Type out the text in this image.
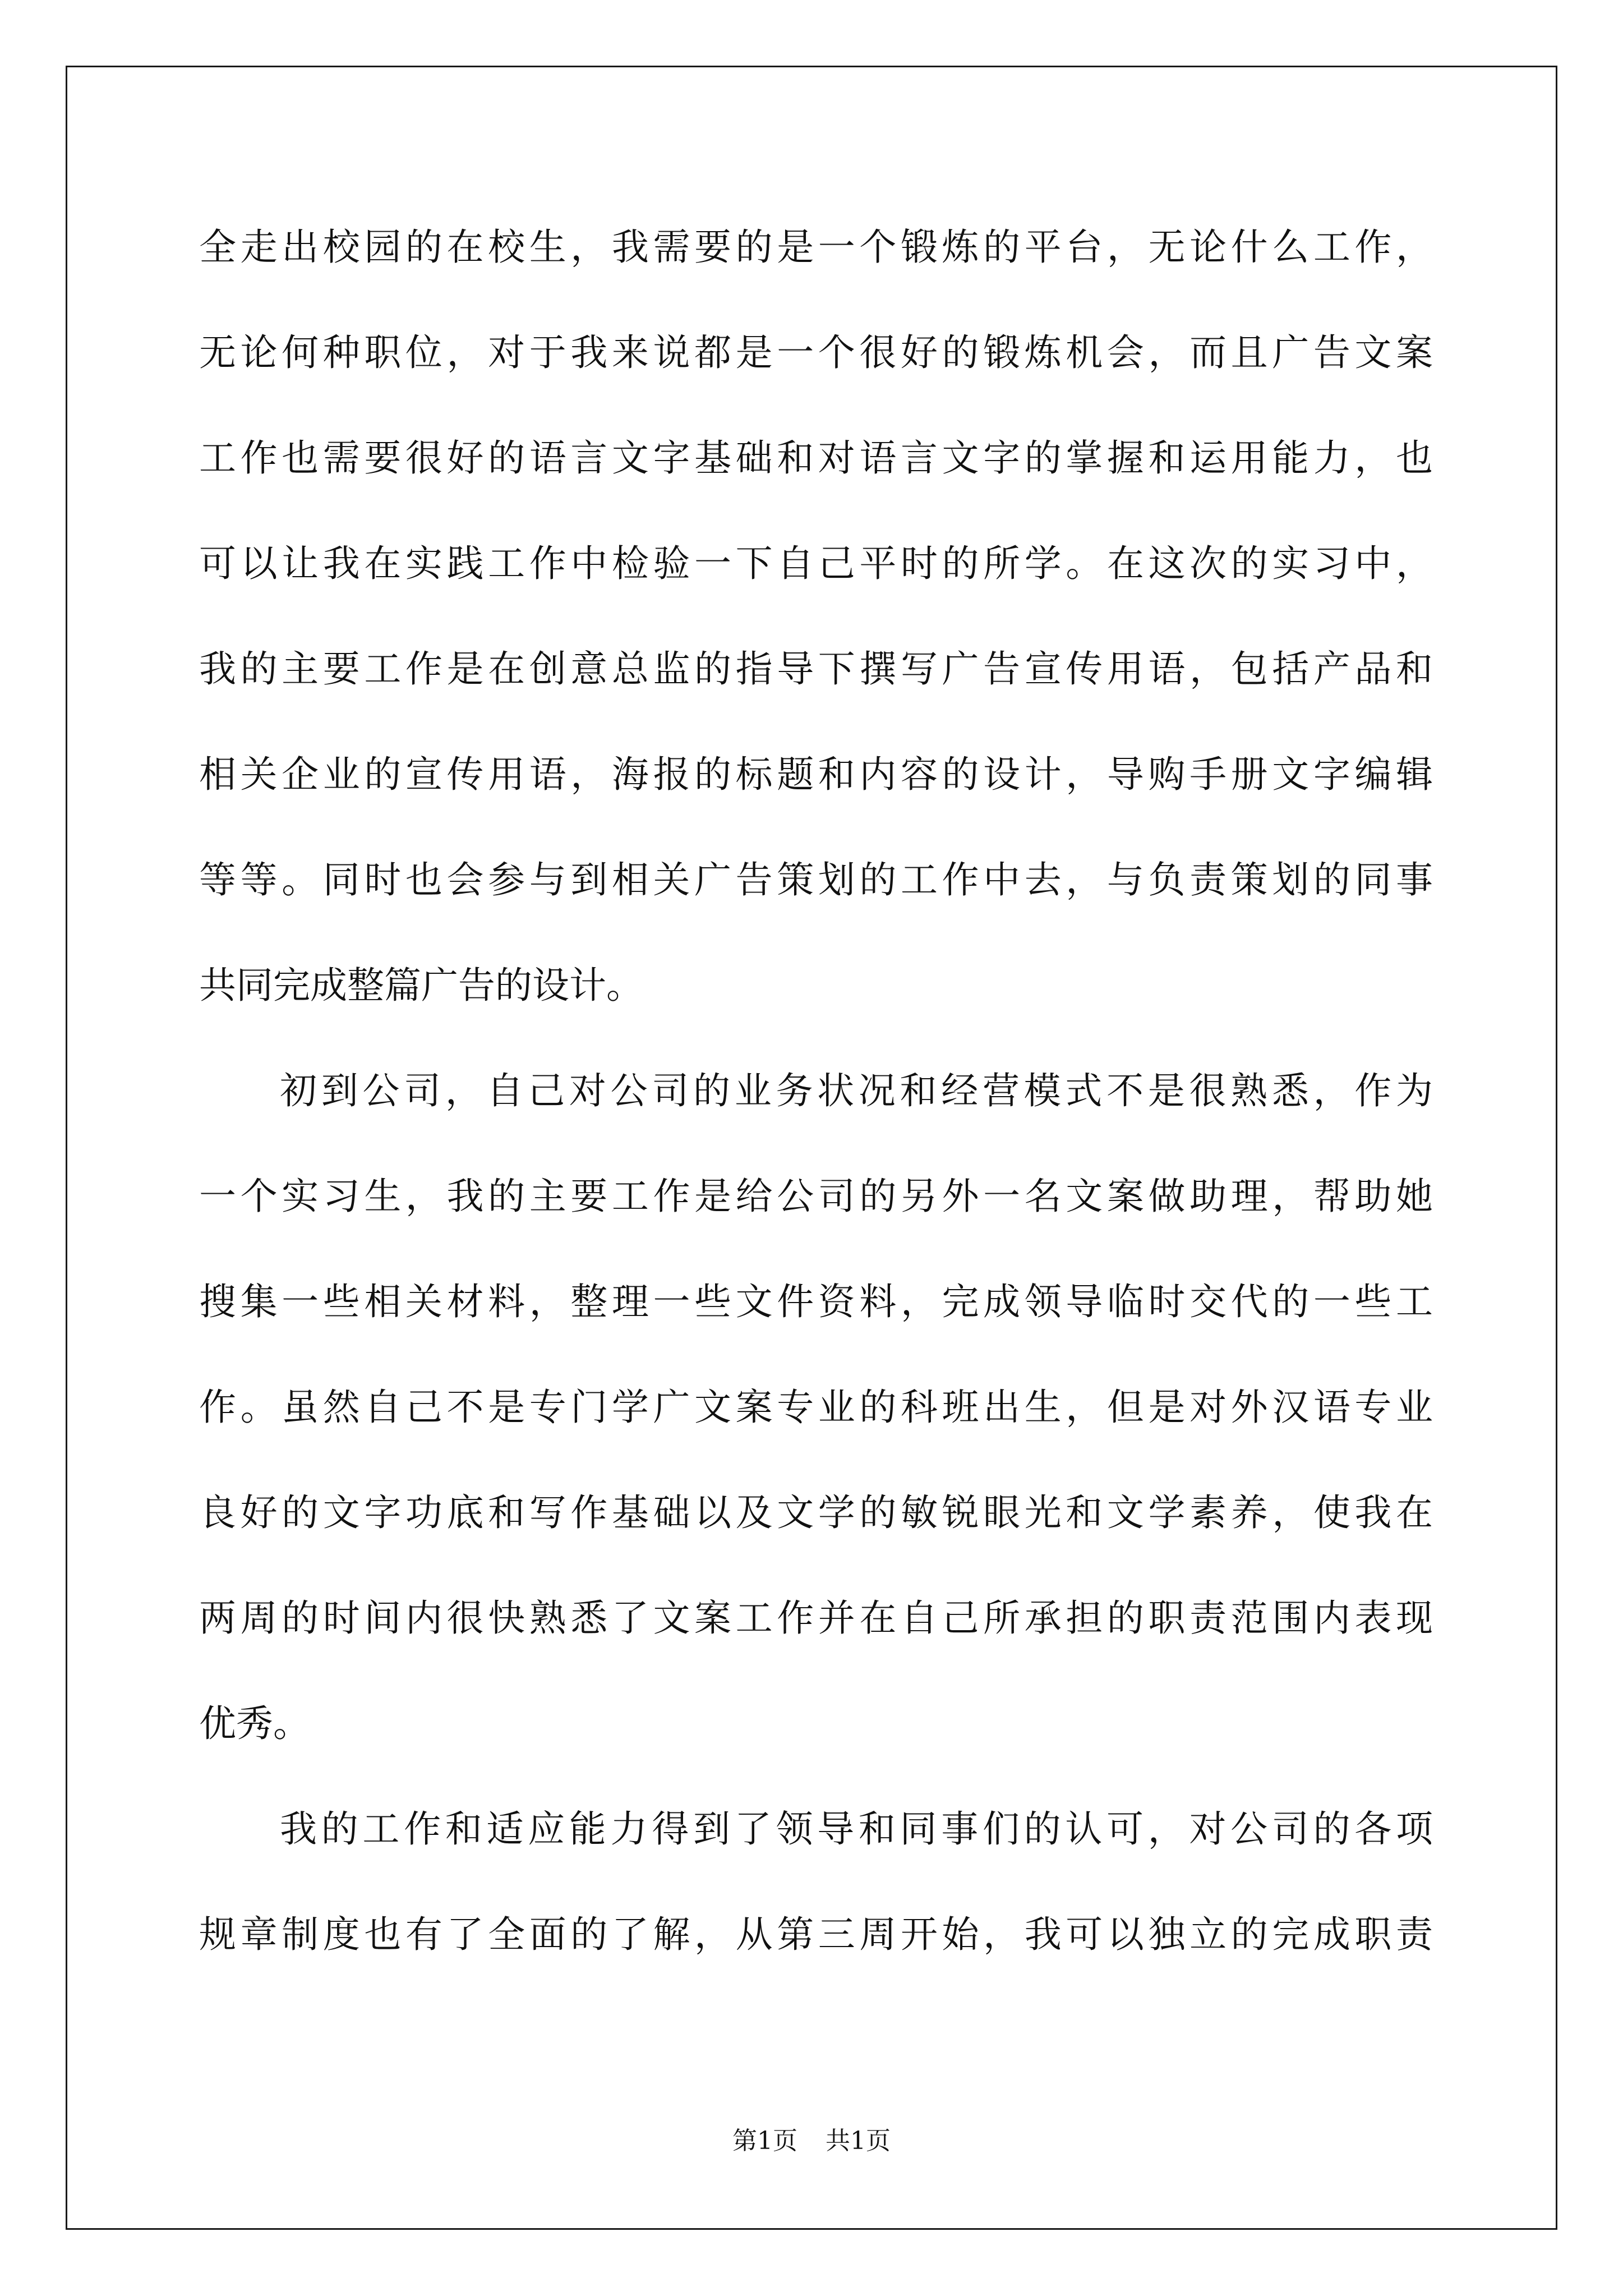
全走出校园的在校生，我需要的是一个锻炼的平台，无论什么工作，
无论何种职位，对于我来说都是一个很好的锻炼机会，而且广告文案
工作也需要很好的语言文字基础和对语言文字的掌握和运用能力，也
可以让我在实践工作中检验一下自己平时的所学。在这次的实习中，
我的主要工作是在创意总监的指导下撰写广告宣传用语，包括产品和
相关企业的宣传用语，海报的标题和内容的设计，导购手册文字编辑
等等。同时也会参与到相关广告策划的工作中去，与负责策划的同事
共同完成整篇广告的设计。
初到公司，自己对公司的业务状况和经营模式不是很熟悉，作为
一个实习生，我的主要工作是给公司的另外一名文案做助理，帮助她
搜集一些相关材料，整理一些文件资料，完成领导临时交代的一些工
作。虽然自己不是专门学广文案专业的科班出生，但是对外汉语专业
良好的文字功底和写作基础以及文学的敏锐眼光和文学素养，使我在
两周的时间内很快熟悉了文案工作并在自己所承担的职责范围内表现
优秀。
我的工作和适应能力得到了领导和同事们的认可，对公司的各项
规章制度也有了全面的了解，从第三周开始，我可以独立的完成职责
第1页 共1页
